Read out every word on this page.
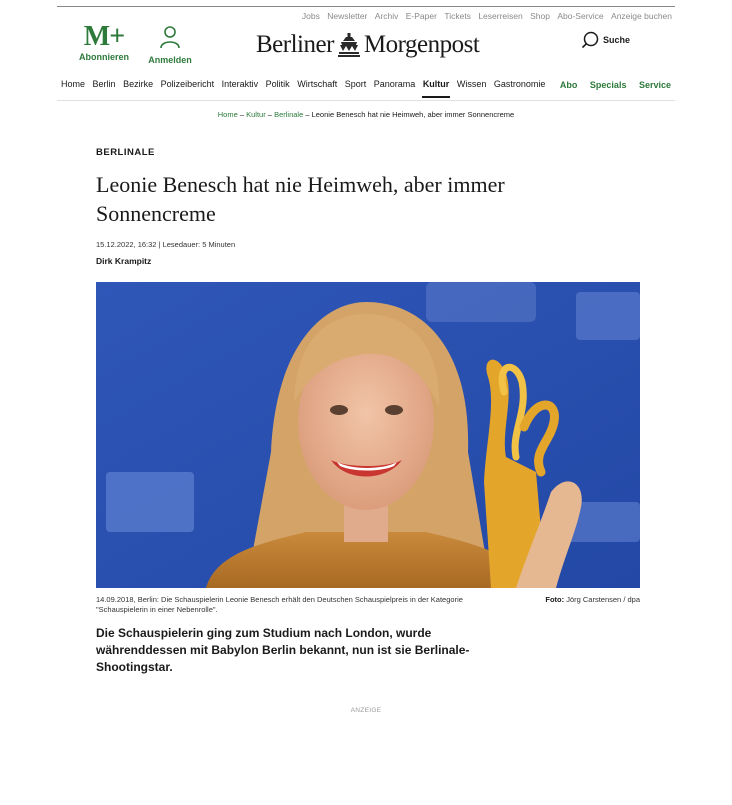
Jobs Newsletter Archiv E-Paper Tickets Leserreisen Shop Abo-Service Anzeige buchen
M+
Abonnieren	Anmelden
Berliner Morgenpost	Suche
Home Berlin Bezirke Polizeibericht Interaktiv Politik Wirtschaft Sport Panorama Kultur Wissen Gastronomie	Abo Specials Service
Home – Kultur – Berlinale – Leonie Benesch hat nie Heimweh, aber immer Sonnencreme
BERLINALE
Leonie Benesch hat nie Heimweh, aber immer Sonnencreme
15.12.2022, 16:32 | Lesedauer: 5 Minuten
Dirk Krampitz
14.09.2018, Berlin: Die Schauspielerin Leonie Benesch erhält den Deutschen Schauspielpreis in der Kategorie "Schauspielerin in einer Nebenrolle".
Foto: Jörg Carstensen / dpa
Die Schauspielerin ging zum Studium nach London, wurde währenddessen mit Babylon Berlin bekannt, nun ist sie Berlinale-Shootingstar.
ANZEIGE
